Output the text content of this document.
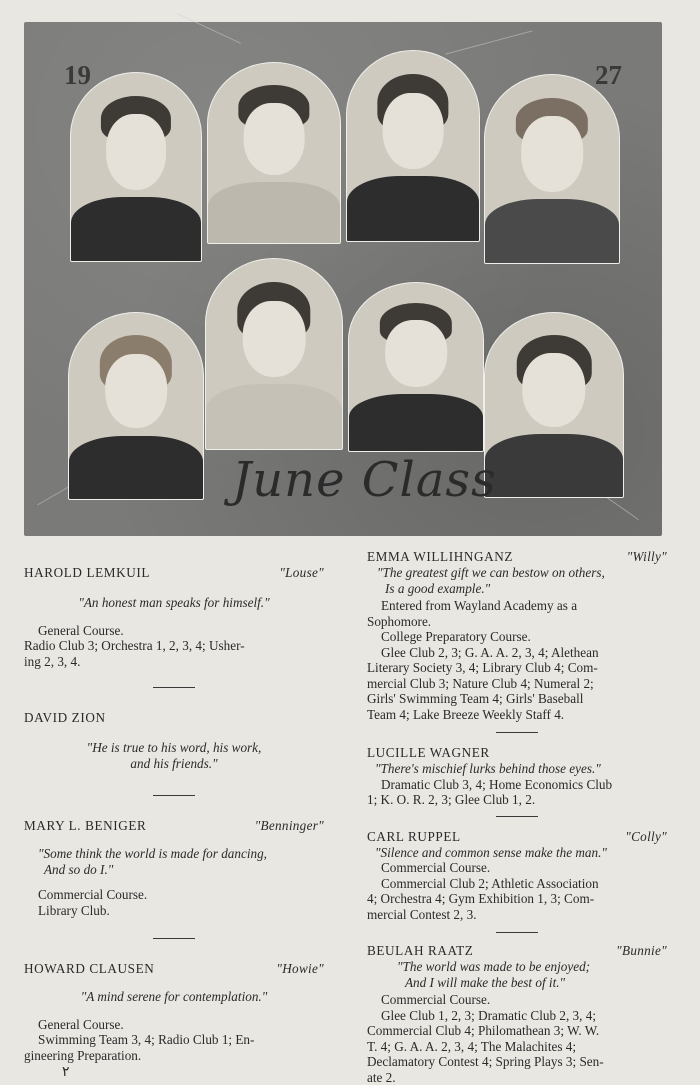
19	27
June Class
HAROLD LEMKUIL	"Louse"

"An honest man speaks for himself."

General Course.

Radio Club 3; Orchestra 1, 2, 3, 4; Usher-

ing 2, 3, 4.

DAVID ZION

"He is true to his word, his work,

and his friends."

MARY L. BENIGER	"Benninger"

"Some think the world is made for dancing,

And so do I."

Commercial Course.

Library Club.

HOWARD CLAUSEN	"Howie"

"A mind serene for contemplation."

General Course.

Swimming Team 3, 4; Radio Club 1; En-

gineering Preparation.

٢

EMMA WILLIHNGANZ	"Willy"

"The greatest gift we can bestow on others,

Is a good example."

Entered from Wayland Academy as a

Sophomore.

College Preparatory Course.

Glee Club 2, 3; G. A. A. 2, 3, 4; Alethean

Literary Society 3, 4; Library Club 4; Com-

mercial Club 3; Nature Club 4; Numeral 2;

Girls' Swimming Team 4; Girls' Baseball

Team 4; Lake Breeze Weekly Staff 4.

LUCILLE WAGNER

"There's mischief lurks behind those eyes."

Dramatic Club 3, 4; Home Economics Club

1; K. O. R. 2, 3; Glee Club 1, 2.

CARL RUPPEL	"Colly"

"Silence and common sense make the man."

Commercial Course.

Commercial Club 2; Athletic Association

4; Orchestra 4; Gym Exhibition 1, 3; Com-

mercial Contest 2, 3.

BEULAH RAATZ	"Bunnie"

"The world was made to be enjoyed;

And I will make the best of it."

Commercial Course.

Glee Club 1, 2, 3; Dramatic Club 2, 3, 4;

Commercial Club 4; Philomathean 3; W. W.

T. 4; G. A. A. 2, 3, 4; The Malachites 4;

Declamatory Contest 4; Spring Plays 3; Sen-

ate 2.
